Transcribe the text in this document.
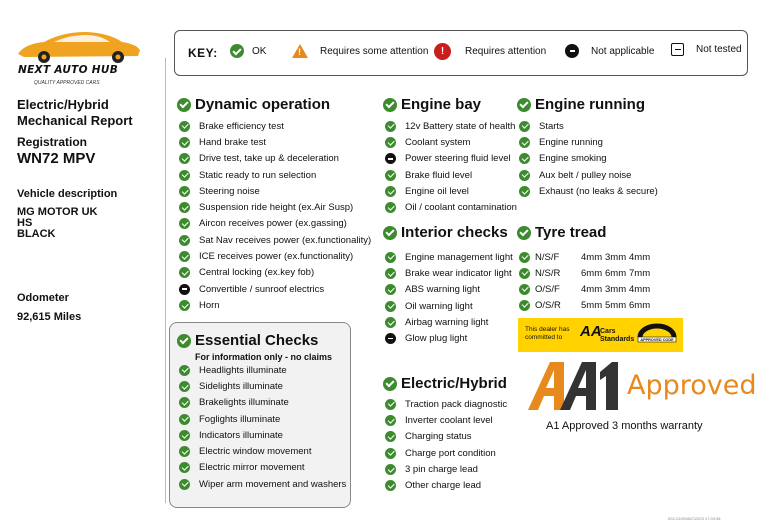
NEXT AUTO HUB
QUALITY APPROVED CARS
Electric/Hybrid
Mechanical Report
Registration
WN72 MPV
Vehicle description
MG MOTOR UK
HS
BLACK
Odometer
92,615 Miles
KEY:	OK	! Requires some attention	!	Requires attention	Not applicable	Not tested
Dynamic operation
Brake efficiency test
Hand brake test
Drive test, take up & deceleration
Static ready to run selection
Steering noise
Suspension ride height (ex.Air Susp)
Aircon receives power (ex.gassing)
Sat Nav receives power (ex.functionality)
ICE receives power (ex.functionality)
Central locking (ex.key fob)
Convertible / sunroof electrics
Horn
Essential Checks
For information only - no claims
Headlights illuminate
Sidelights illuminate
Brakelights illuminate
Foglights illuminate
Indicators illuminate
Electric window movement
Electric mirror movement
Wiper arm movement and washers
Engine bay
12v Battery state of health
Coolant system
Power steering fluid level
Brake fluid level
Engine oil level
Oil / coolant contamination
Interior checks
Engine management light
Brake wear indicator light
ABS warning light
Oil warning light
Airbag warning light
Glow plug light
Electric/Hybrid
Traction pack diagnostic
Inverter coolant level
Charging status
Charge port condition
3 pin charge lead
Other charge lead
Engine running
Starts
Engine running
Engine smoking
Aux belt / pulley noise
Exhaust (no leaks & secure)
Tyre tread
N/S/F	4mm 3mm 4mm
N/S/R	6mm 6mm 7mm
O/S/F	4mm 3mm 4mm
O/S/R	5mm 5mm 6mm
This dealer has
committed to	AA
Cars
Standards APPROVED CODE
Approved
A1 Approved 3 months warranty
002-21091667/2023 17:03:38
